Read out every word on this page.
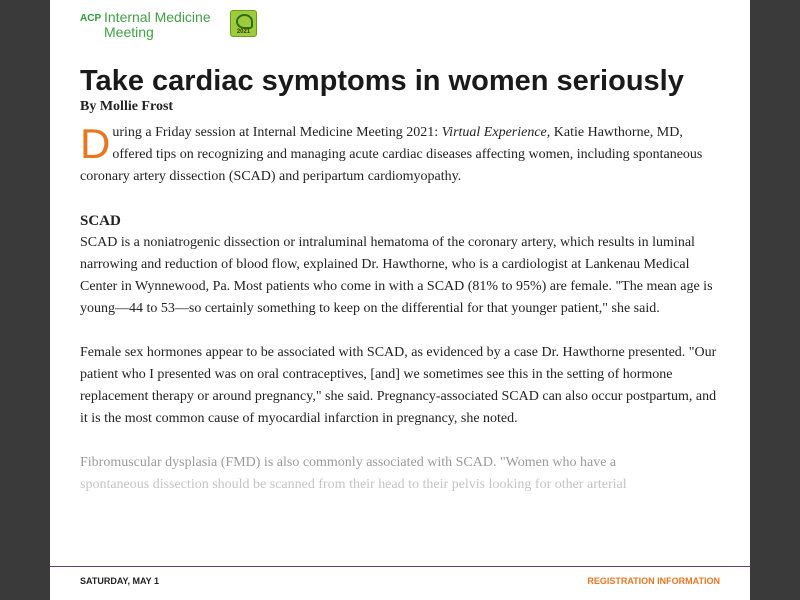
ACP Internal Medicine
Meeting	2021
Take cardiac symptoms in women seriously
By Mollie Frost

During a Friday session at Internal Medicine Meeting 2021: Virtual Experience, Katie Hawthorne, MD, offered tips on recognizing and managing acute cardiac diseases affecting women, including spontaneous coronary artery dissection (SCAD) and peripartum cardiomyopathy.

SCAD

SCAD is a noniatrogenic dissection or intraluminal hematoma of the coronary artery, which results in luminal narrowing and reduction of blood flow, explained Dr. Hawthorne, who is a cardiologist at Lankenau Medical Center in Wynnewood, Pa. Most patients who come in with a SCAD (81% to 95%) are female. "The mean age is young—44 to 53—so certainly something to keep on the differential for that younger patient," she said.

Female sex hormones appear to be associated with SCAD, as evidenced by a case Dr. Hawthorne presented. "Our patient who I presented was on oral contraceptives, [and] we sometimes see this in the setting of hormone replacement therapy or around pregnancy," she said. Pregnancy-associated SCAD can also occur postpartum, and it is the most common cause of myocardial infarction in pregnancy, she noted.

Fibromuscular dysplasia (FMD) is also commonly associated with SCAD. "Women who have a
spontaneous dissection should be scanned from their head to their pelvis looking for other arterial

SATURDAY, MAY 1	REGISTRATION INFORMATION
